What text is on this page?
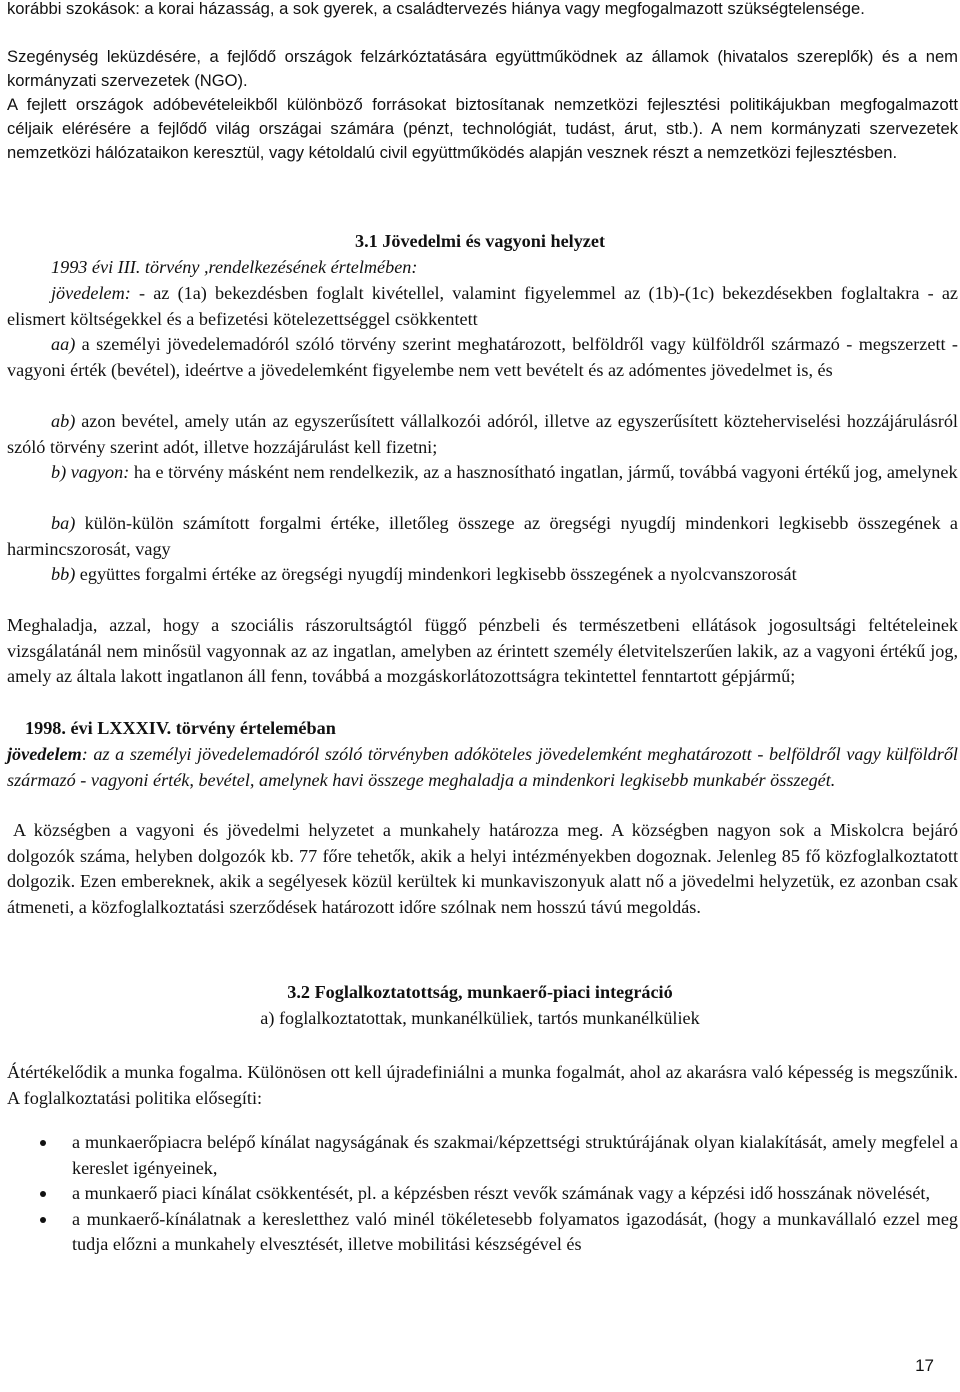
korábbi szokások: a korai házasság, a sok gyerek, a családtervezés hiánya vagy megfogalmazott szükségtelensége.

Szegénység leküzdésére, a fejlődő országok felzárkóztatására együttműködnek az államok (hivatalos szereplők) és a nem kormányzati szervezetek (NGO).

A fejlett országok adóbevételeikből különböző forrásokat biztosítanak nemzetközi fejlesztési politikájukban megfogalmazott céljaik elérésére a fejlődő világ országai számára (pénzt, technológiát, tudást, árut, stb.). A nem kormányzati szervezetek nemzetközi hálózataikon keresztül, vagy kétoldalú civil együttműködés alapján vesznek részt a nemzetközi fejlesztésben.

3.1 Jövedelmi és vagyoni helyzet

1993 évi III. törvény ,rendelkezésének értelmében:

jövedelem: - az (1a) bekezdésben foglalt kivétellel, valamint figyelemmel az (1b)-(1c) bekezdésekben foglaltakra - az elismert költségekkel és a befizetési kötelezettséggel csökkentett

aa) a személyi jövedelemadóról szóló törvény szerint meghatározott, belföldről vagy külföldről származó - megszerzett - vagyoni érték (bevétel), ideértve a jövedelemként figyelembe nem vett bevételt és az adómentes jövedelmet is, és

ab) azon bevétel, amely után az egyszerűsített vállalkozói adóról, illetve az egyszerűsített közteherviselési hozzájárulásról szóló törvény szerint adót, illetve hozzájárulást kell fizetni;

b) vagyon: ha e törvény másként nem rendelkezik, az a hasznosítható ingatlan, jármű, továbbá vagyoni értékű jog, amelynek

ba) külön-külön számított forgalmi értéke, illetőleg összege az öregségi nyugdíj mindenkori legkisebb összegének a harmincszorosát, vagy

bb) együttes forgalmi értéke az öregségi nyugdíj mindenkori legkisebb összegének a nyolcvanszorosát

Meghaladja, azzal, hogy a szociális rászorultságtól függő pénzbeli és természetbeni ellátások jogosultsági feltételeinek vizsgálatánál nem minősül vagyonnak az az ingatlan, amelyben az érintett személy életvitelszerűen lakik, az a vagyoni értékű jog, amely az általa lakott ingatlanon áll fenn, továbbá a mozgáskorlátozottságra tekintettel fenntartott gépjármű;

1998. évi LXXXIV. törvény érteleméban

jövedelem: az a személyi jövedelemadóról szóló törvényben adóköteles jövedelemként meghatározott - belföldről vagy külföldről származó - vagyoni érték, bevétel, amelynek havi összege meghaladja a mindenkori legkisebb munkabér összegét.

A községben a vagyoni és jövedelmi helyzetet a munkahely határozza meg. A községben nagyon sok a Miskolcra bejáró dolgozók száma, helyben dolgozók kb. 77 főre tehetők, akik a helyi intézményekben dogoznak. Jelenleg 85 fő közfoglalkoztatott dolgozik. Ezen embereknek, akik a segélyesek közül kerültek ki munkaviszonyuk alatt nő a jövedelmi helyzetük, ez azonban csak átmeneti, a közfoglalkoztatási szerződések határozott időre szólnak nem hosszú távú megoldás.

3.2 Foglalkoztatottság, munkaerő-piaci integráció

a) foglalkoztatottak, munkanélküliek, tartós munkanélküliek

Átértékelődik a munka fogalma. Különösen ott kell újradefiniálni a munka fogalmát, ahol az akarásra való képesség is megszűnik. A foglalkoztatási politika elősegíti:

a munkaerőpiacra belépő kínálat nagyságának és szakmai/képzettségi struktúrájának olyan kialakítását, amely megfelel a kereslet igényeinek,
a munkaerő piaci kínálat csökkentését, pl. a képzésben részt vevők számának vagy a képzési idő hosszának növelését,
a munkaerő-kínálatnak a keresletthez való minél tökéletesebb folyamatos igazodását, (hogy a munkavállaló ezzel meg tudja előzni a munkahely elvesztését, illetve mobilitási készségével és
17
